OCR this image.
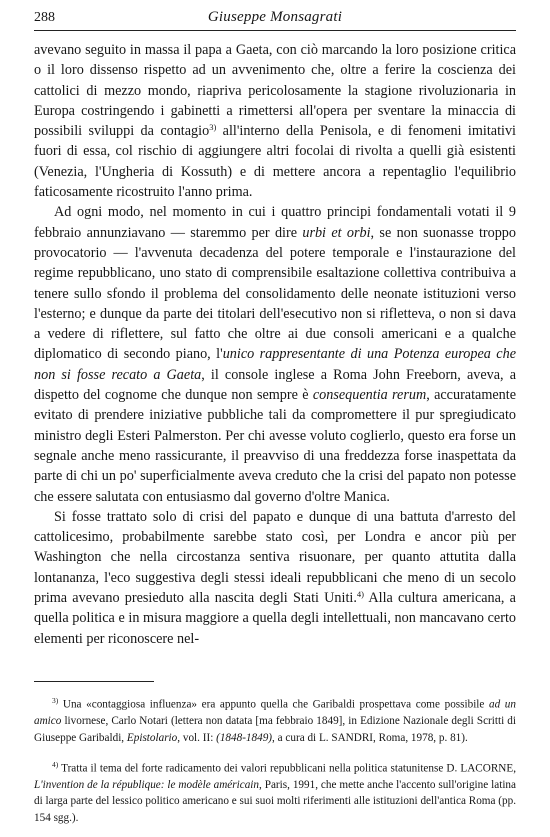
288	Giuseppe Monsagrati

avevano seguito in massa il papa a Gaeta, con ciò marcando la loro posizione critica o il loro dissenso rispetto ad un avvenimento che, oltre a ferire la coscienza dei cattolici di mezzo mondo, riapriva pericolosamente la stagione rivoluzionaria in Europa costringendo i gabinetti a rimettersi all'opera per sventare la minaccia di possibili sviluppi da contagio$^{3)}$ all'interno della Penisola, e di fenomeni imitativi fuori di essa, col rischio di aggiungere altri focolai di rivolta a quelli già esistenti (Venezia, l'Ungheria di Kossuth) e di mettere ancora a repentaglio l'equilibrio faticosamente ricostruito l'anno prima.

Ad ogni modo, nel momento in cui i quattro principi fondamentali votati il 9 febbraio annunziavano — staremmo per dire urbi et orbi, se non suonasse troppo provocatorio — l'avvenuta decadenza del potere temporale e l'instaurazione del regime repubblicano, uno stato di comprensibile esaltazione collettiva contribuiva a tenere sullo sfondo il problema del consolidamento delle neonate istituzioni verso l'esterno; e dunque da parte dei titolari dell'esecutivo non si rifletteva, o non si dava a vedere di riflettere, sul fatto che oltre ai due consoli americani e a qualche diplomatico di secondo piano, l'unico rappresentante di una Potenza europea che non si fosse recato a Gaeta, il console inglese a Roma John Freeborn, aveva, a dispetto del cognome che dunque non sempre è consequentia rerum, accuratamente evitato di prendere iniziative pubbliche tali da compromettere il pur spregiudicato ministro degli Esteri Palmerston. Per chi avesse voluto coglierlo, questo era forse un segnale anche meno rassicurante, il preavviso di una freddezza forse inaspettata da parte di chi un po' superficialmente aveva creduto che la crisi del papato non potesse che essere salutata con entusiasmo dal governo d'oltre Manica.

Si fosse trattato solo di crisi del papato e dunque di una battuta d'arresto del cattolicesimo, probabilmente sarebbe stato così, per Londra e ancor più per Washington che nella circostanza sentiva risuonare, per quanto attutita dalla lontananza, l'eco suggestiva degli stessi ideali repubblicani che meno di un secolo prima avevano presieduto alla nascita degli Stati Uniti.$^{4)}$ Alla cultura americana, a quella politica e in misura maggiore a quella degli intellettuali, non mancavano certo elementi per riconoscere nel-

$^{3)}$ Una «contaggiosa influenza» era appunto quella che Garibaldi prospettava come possibile ad un amico livornese, Carlo Notari (lettera non datata [ma febbraio 1849], in Edizione Nazionale degli Scritti di Giuseppe Garibaldi, Epistolario, vol. II: (1848-1849), a cura di L. SANDRI, Roma, 1978, p. 81).

$^{4)}$ Tratta il tema del forte radicamento dei valori repubblicani nella politica statunitense D. LACORNE, L'invention de la république: le modèle américain, Paris, 1991, che mette anche l'accento sull'origine latina di larga parte del lessico politico americano e sui suoi molti riferimenti alle istituzioni dell'antica Roma (pp. 154 sgg.).
